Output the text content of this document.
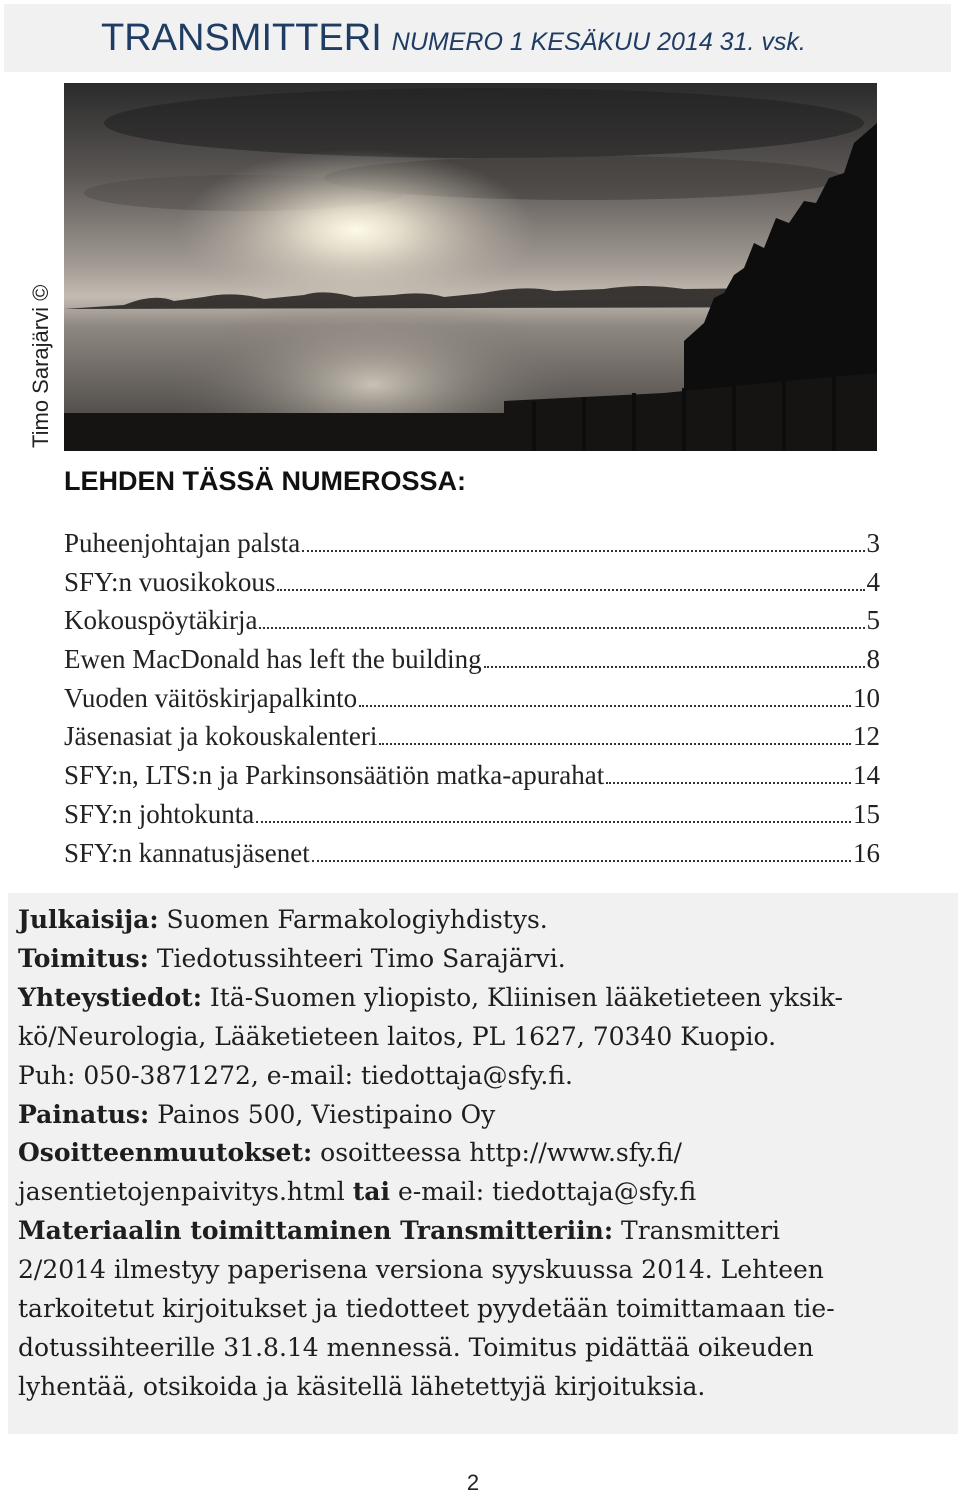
TRANSMITTERI NUMERO 1 KESÄKUU 2014 31. vsk.
Timo Sarajärvi ©
LEHDEN TÄSSÄ NUMEROSSA:
Puheenjohtajan palsta	3
SFY:n vuosikokous	4
Kokouspöytäkirja	5
Ewen MacDonald has left the building	8
Vuoden väitöskirjapalkinto	10
Jäsenasiat ja kokouskalenteri	12
SFY:n, LTS:n ja Parkinsonsäätiön matka-apurahat	14
SFY:n johtokunta	15
SFY:n kannatusjäsenet	16

Julkaisija: Suomen Farmakologiyhdistys.

Toimitus: Tiedotussihteeri Timo Sarajärvi.

Yhteystiedot: Itä-Suomen yliopisto, Kliinisen lääketieteen yksik-

kö/Neurologia, Lääketieteen laitos, PL 1627, 70340 Kuopio.

Puh: 050-3871272, e-mail: tiedottaja@sfy.fi.

Painatus: Painos 500, Viestipaino Oy

Osoitteenmuutokset: osoitteessa http://www.sfy.fi/

jasentietojenpaivitys.html tai e-mail: tiedottaja@sfy.fi

Materiaalin toimittaminen Transmitteriin: Transmitteri

2/2014 ilmestyy paperisena versiona syyskuussa 2014. Lehteen

tarkoitetut kirjoitukset ja tiedotteet pyydetään toimittamaan tie-

dotussihteerille 31.8.14 mennessä. Toimitus pidättää oikeuden

lyhentää, otsikoida ja käsitellä lähetettyjä kirjoituksia.

2
